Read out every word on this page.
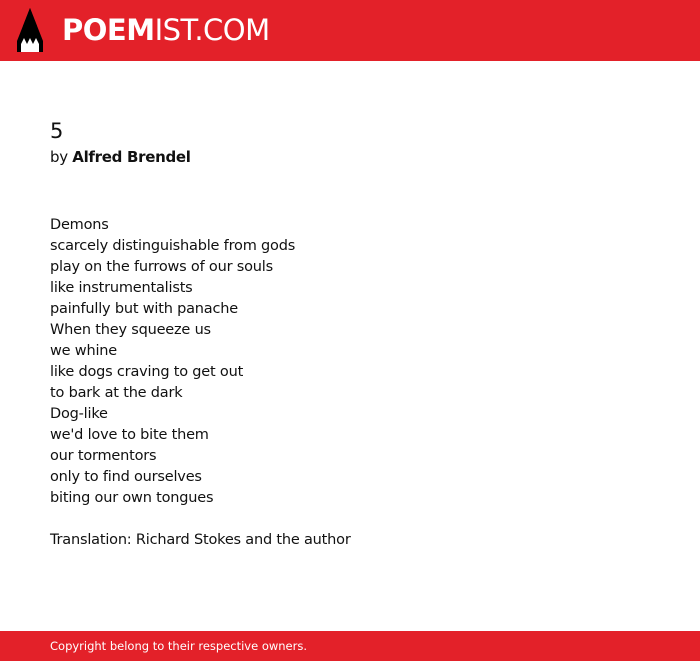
POEMIST.COM
5
by Alfred Brendel
Demons
scarcely distinguishable from gods
play on the furrows of our souls
like instrumentalists
painfully but with panache
When they squeeze us
we whine
like dogs craving to get out
to bark at the dark
Dog-like
we'd love to bite them
our tormentors
only to find ourselves
biting our own tongues
Translation: Richard Stokes and the author
Copyright belong to their respective owners.
